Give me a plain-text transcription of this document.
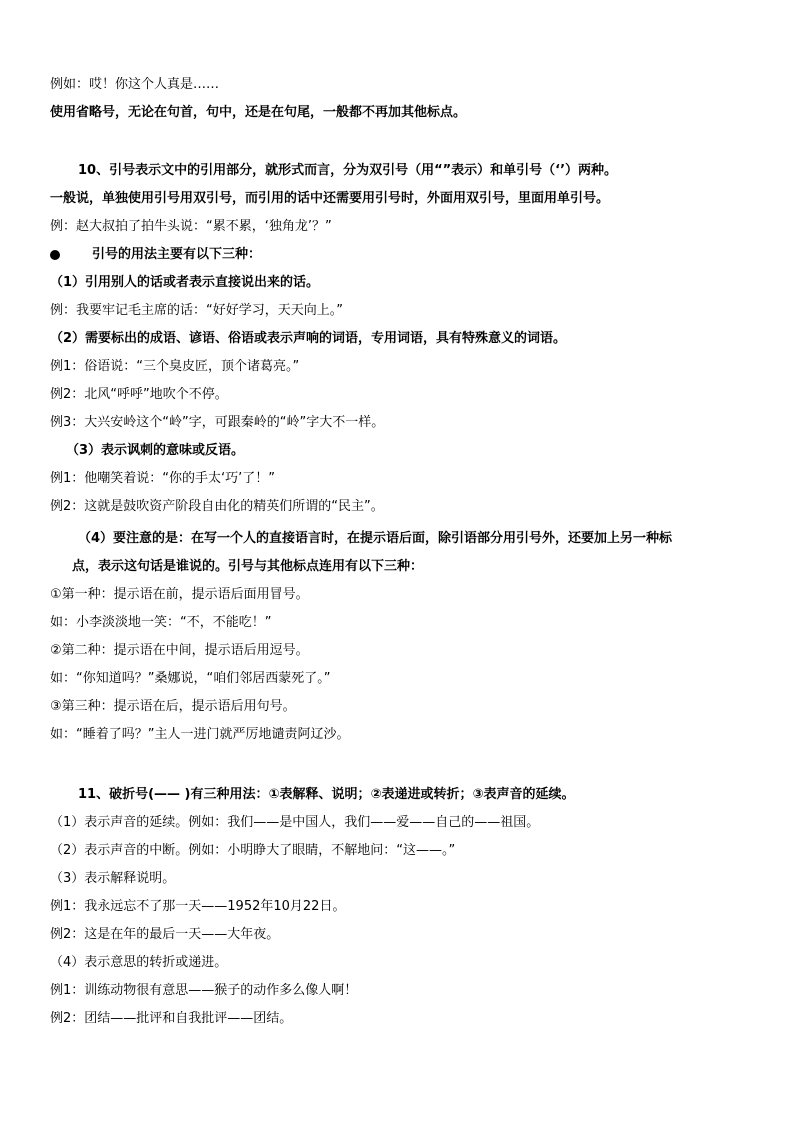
例如：哎！你这个人真是……
使用省略号，无论在句首，句中，还是在句尾，一般都不再加其他标点。
10、引号表示文中的引用部分，就形式而言，分为双引号（用“”表示）和单引号（‘’）两种。
一般说，单独使用引号用双引号，而引用的话中还需要用引号时，外面用双引号，里面用单引号。
例：赵大叔拍了拍牛头说：“累不累，‘独角龙’？”
引号的用法主要有以下三种：
（1）引用别人的话或者表示直接说出来的话。
例：我要牢记毛主席的话：“好好学习，天天向上。”
（2）需要标出的成语、谚语、俗语或表示声响的词语，专用词语，具有特殊意义的词语。
例1：俗语说：“三个臭皮匠，顶个诸葛亮。”
例2：北风“呼呼”地吹个不停。
例3：大兴安岭这个“岭”字，可跟秦岭的“岭”字大不一样。
（3）表示讽刺的意味或反语。
例1：他嘲笑着说：“你的手太‘巧’了！”
例2：这就是鼓吹资产阶段自由化的精英们所谓的“民主”。
（4）要注意的是：在写一个人的直接语言时，在提示语后面，除引语部分用引号外，还要加上另一种标
点，表示这句话是谁说的。引号与其他标点连用有以下三种：
①第一种：提示语在前，提示语后面用冒号。
如：小李淡淡地一笑：“不，不能吃！”
②第二种：提示语在中间，提示语后用逗号。
如：“你知道吗？”桑娜说，“咱们邻居西蒙死了。”
③第三种：提示语在后，提示语后用句号。
如：“睡着了吗？”主人一进门就严厉地谴责阿辽沙。
11、破折号(—— )有三种用法：①表解释、说明；②表递进或转折；③表声音的延续。
（1）表示声音的延续。例如：我们——是中国人，我们——爱——自己的——祖国。
（2）表示声音的中断。例如：小明睁大了眼睛，不解地问：“这——。”
（3）表示解释说明。
例1：我永远忘不了那一天——1952年10月22日。
例2：这是在年的最后一天——大年夜。
（4）表示意思的转折或递进。
例1：训练动物很有意思——猴子的动作多么像人啊！
例2：团结——批评和自我批评——团结。
